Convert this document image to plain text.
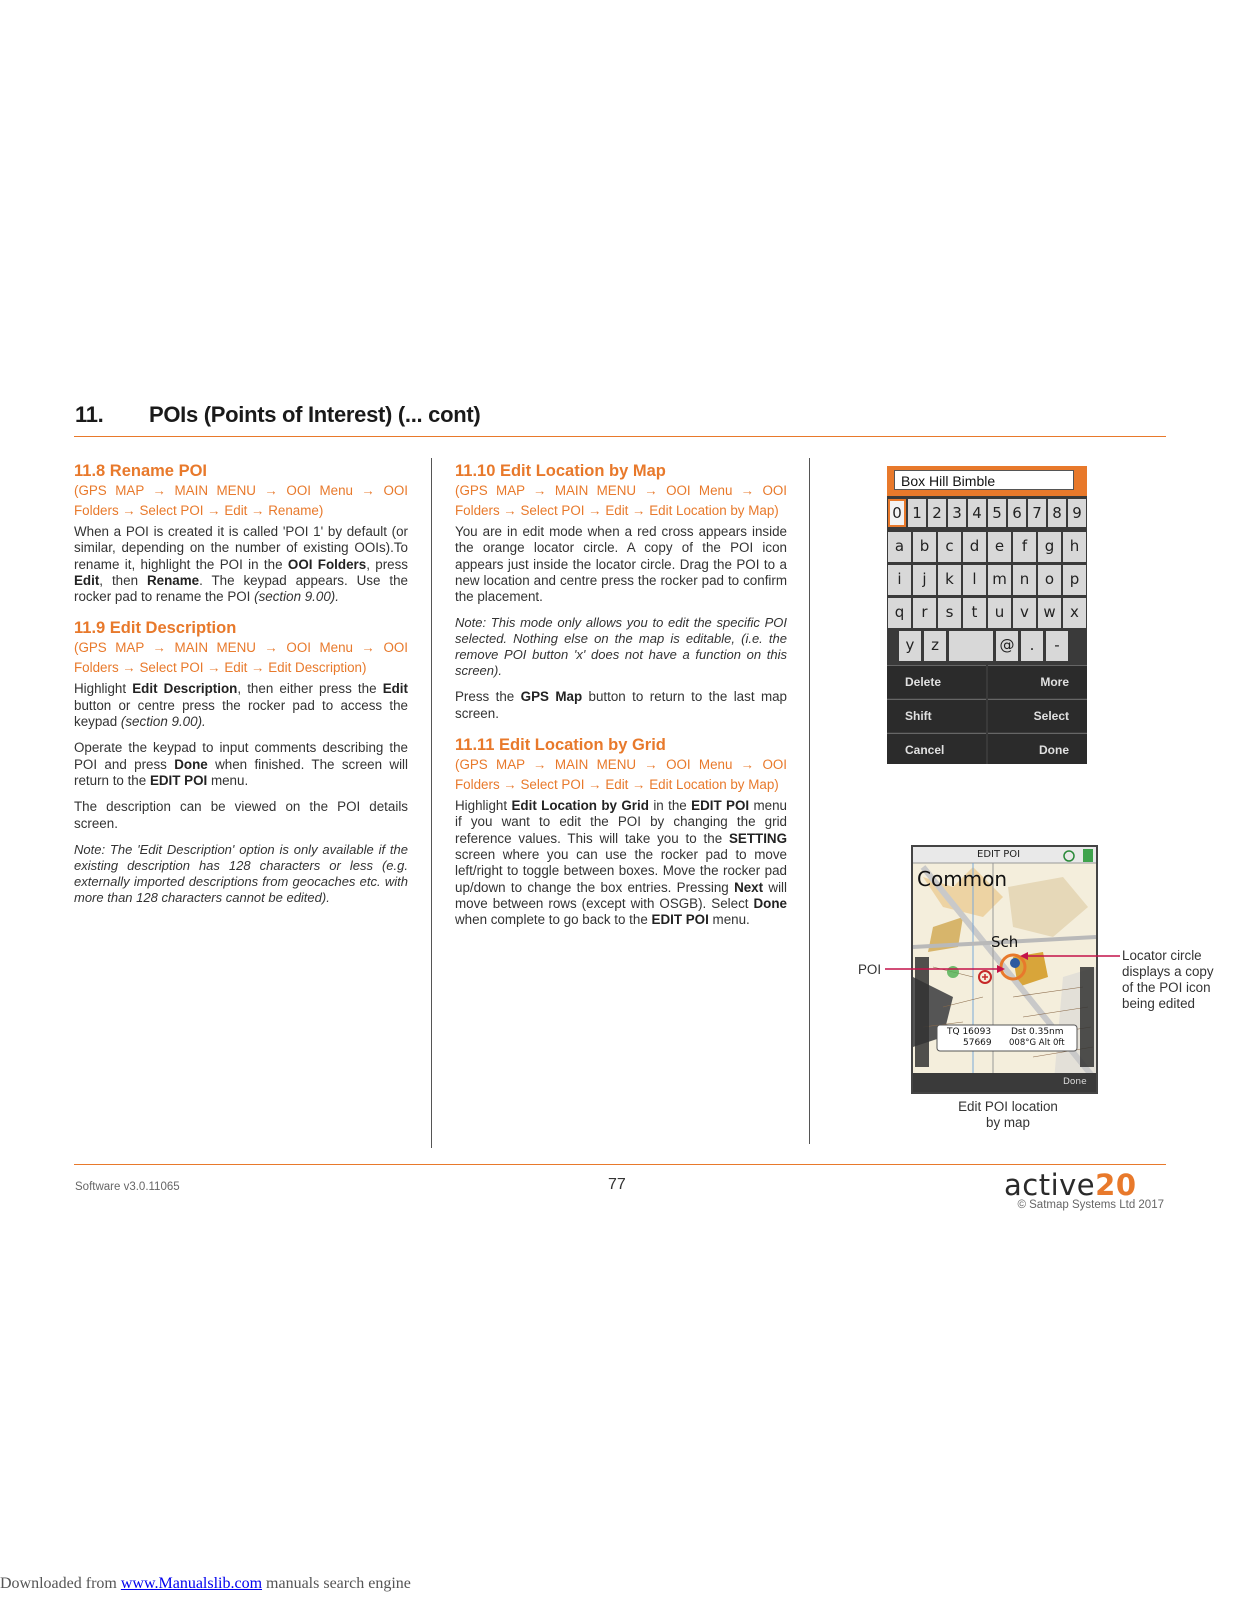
11. POIs (Points of Interest) (... cont)
11.8 Rename POI
(GPS MAP → MAIN MENU → OOI Menu → OOI Folders → Select POI → Edit → Rename)

When a POI is created it is called 'POI 1' by default (or similar, depending on the number of existing OOIs).To rename it, highlight the POI in the OOI Folders, press Edit, then Rename. The keypad appears. Use the rocker pad to rename the POI (section 9.00).

11.9 Edit Description
(GPS MAP → MAIN MENU → OOI Menu → OOI Folders → Select POI → Edit → Edit Description)

Highlight Edit Description, then either press the Edit button or centre press the rocker pad to access the keypad (section 9.00).

Operate the keypad to input comments describing the POI and press Done when finished. The screen will return to the EDIT POI menu.

The description can be viewed on the POI details screen.

Note: The 'Edit Description' option is only available if the existing description has 128 characters or less (e.g. externally imported descriptions from geocaches etc. with more than 128 characters cannot be edited).

11.10 Edit Location by Map
(GPS MAP → MAIN MENU → OOI Menu → OOI Folders → Select POI → Edit → Edit Location by Map)

You are in edit mode when a red cross appears inside the orange locator circle. A copy of the POI icon appears just inside the locator circle. Drag the POI to a new location and centre press the rocker pad to confirm the placement.

Note: This mode only allows you to edit the specific POI selected. Nothing else on the map is editable, (i.e. the remove POI button 'x' does not have a function on this screen).

Press the GPS Map button to return to the last map screen.

11.11 Edit Location by Grid
(GPS MAP → MAIN MENU → OOI Menu → OOI Folders → Select POI → Edit → Edit Location by Map)

Highlight Edit Location by Grid in the EDIT POI menu if you want to edit the POI by changing the grid reference values. This will take you to the SETTING screen where you can use the rocker pad to move left/right to toggle between boxes. Move the rocker pad up/down to change the box entries. Pressing Next will move between rows (except with OSGB). Select Done when complete to go back to the EDIT POI menu.

Box Hill Bimble
0 1 2 3 4 5 6 7 8 9
a	b	c	d	e	f	g	h
i	j	k	l	m n	o	p
q	r	s	t	u	v w x
y	z	@	.	-
Delete	More
Shift	Select
Cancel	Done
EDIT POI
Common
Sch
TQ 16093
57669
Dst 0.35nm
008°G Alt 0ft
Done
POI
Locator circle displays a copy of the POI icon being edited
Edit POI location by map
Software v3.0.11065	77	active20
© Satmap Systems Ltd 2017
Downloaded from www.Manualslib.com manuals search engine
